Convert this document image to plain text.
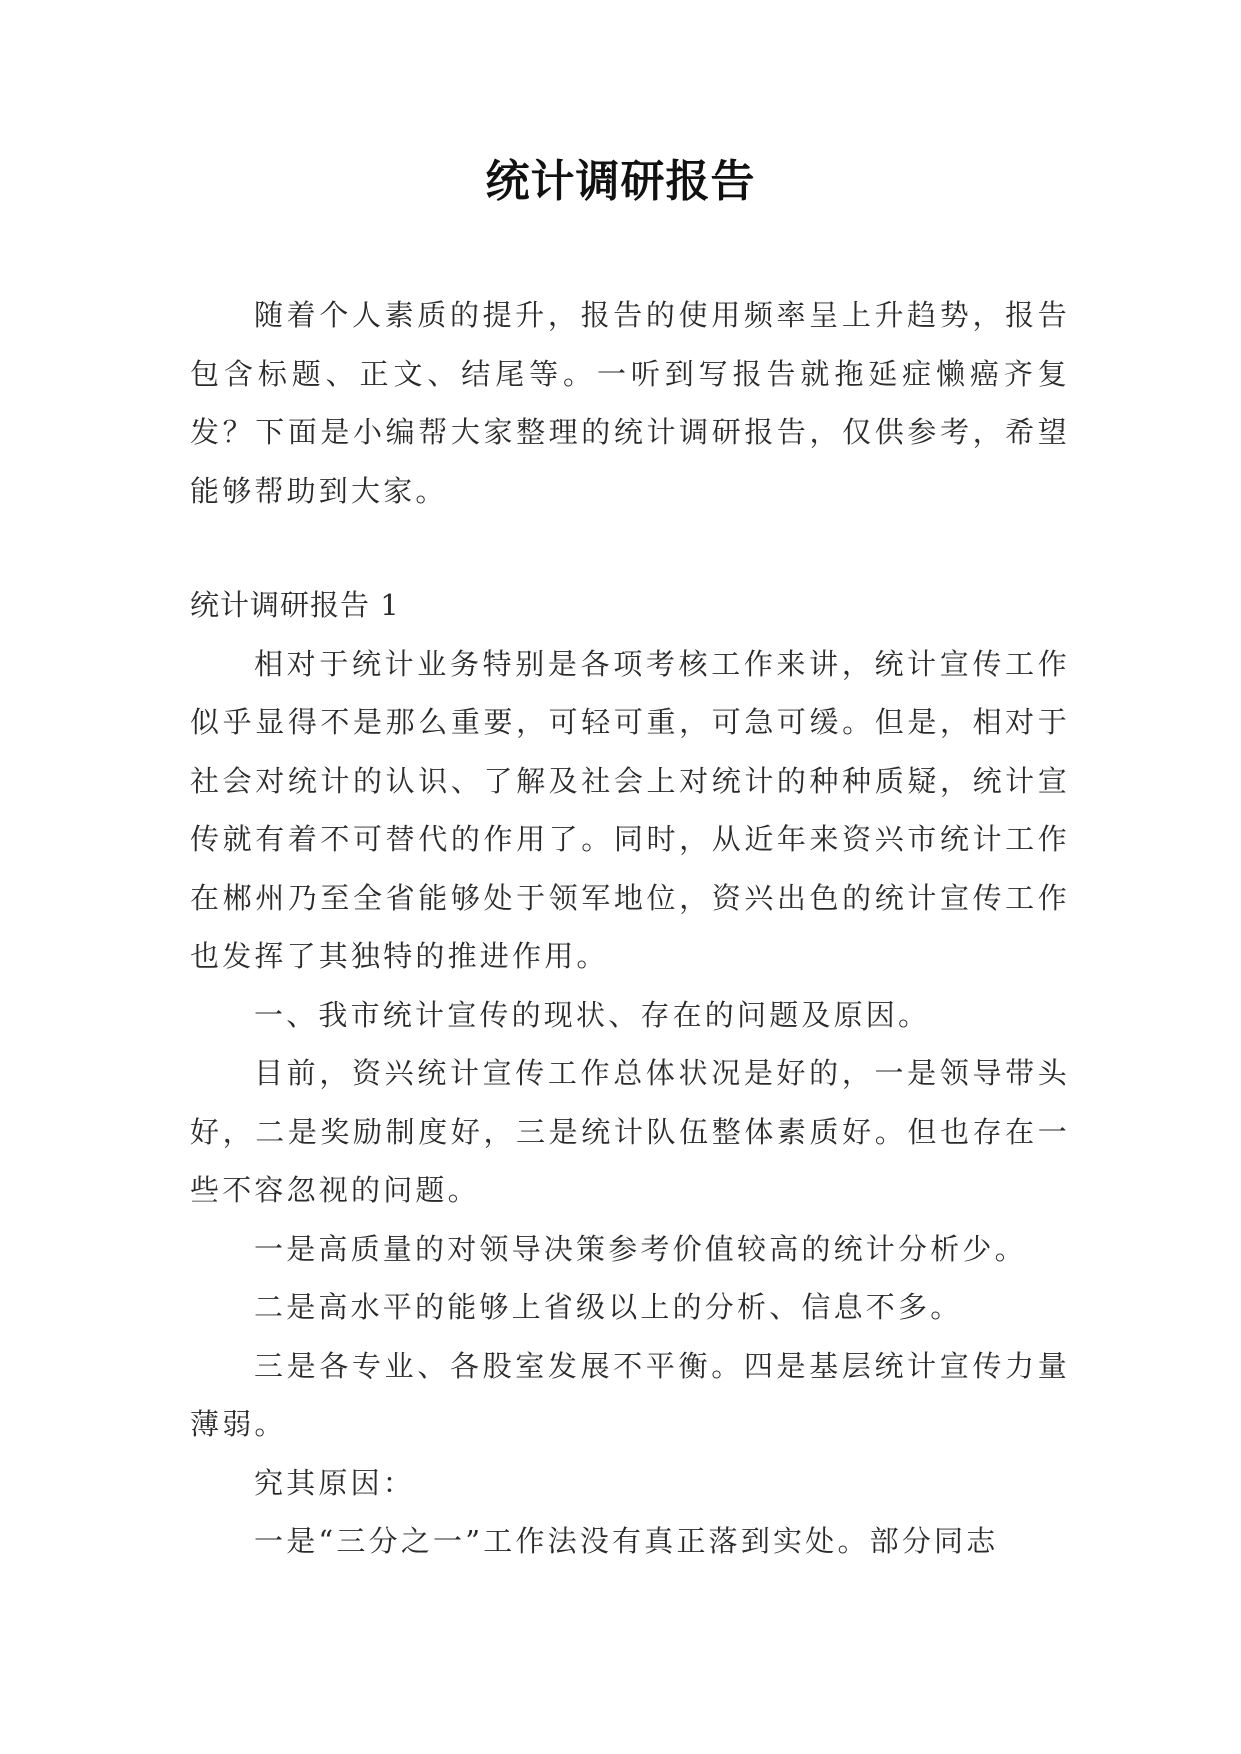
统计调研报告

随着个人素质的提升，报告的使用频率呈上升趋势，报告包含标题、正文、结尾等。一听到写报告就拖延症懒癌齐复发？下面是小编帮大家整理的统计调研报告，仅供参考，希望能够帮助到大家。

统计调研报告 1

相对于统计业务特别是各项考核工作来讲，统计宣传工作似乎显得不是那么重要，可轻可重，可急可缓。但是，相对于社会对统计的认识、了解及社会上对统计的种种质疑，统计宣传就有着不可替代的作用了。同时，从近年来资兴市统计工作在郴州乃至全省能够处于领军地位，资兴出色的统计宣传工作也发挥了其独特的推进作用。

一、我市统计宣传的现状、存在的问题及原因。

目前，资兴统计宣传工作总体状况是好的，一是领导带头好，二是奖励制度好，三是统计队伍整体素质好。但也存在一些不容忽视的问题。

一是高质量的对领导决策参考价值较高的统计分析少。

二是高水平的能够上省级以上的分析、信息不多。

三是各专业、各股室发展不平衡。四是基层统计宣传力量薄弱。

究其原因：

一是“三分之一”工作法没有真正落到实处。部分同志
